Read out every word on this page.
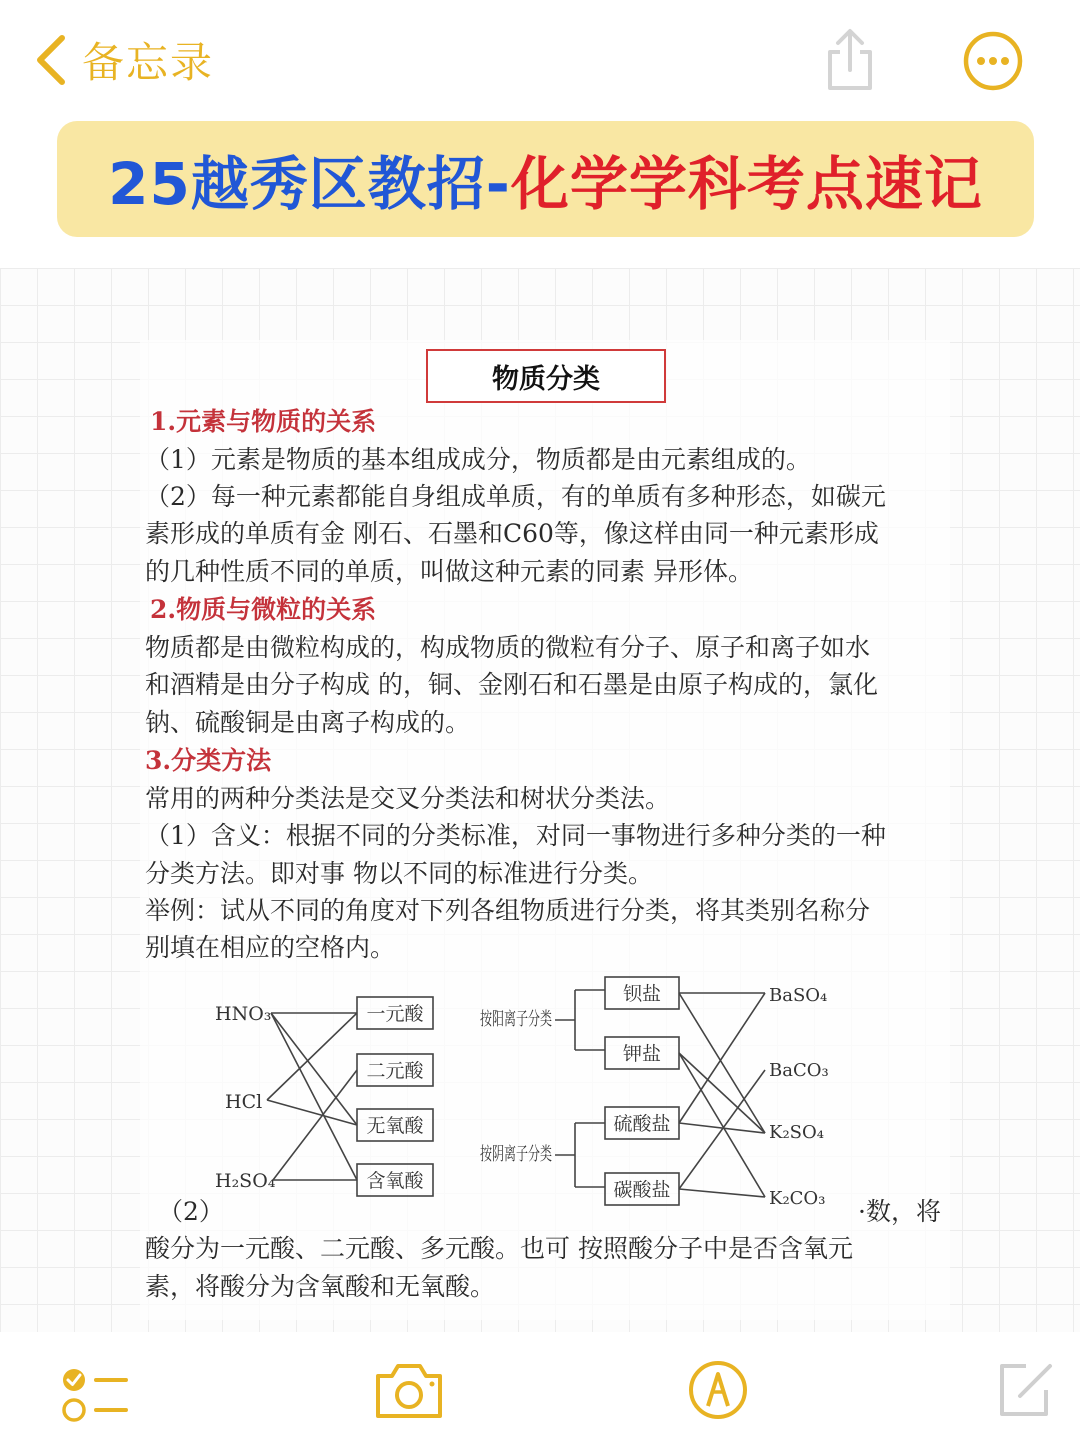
备忘录
25越秀区教招-化学学科考点速记
物质分类
1.元素与物质的关系
（1）元素是物质的基本组成成分，物质都是由元素组成的。
（2）每一种元素都能自身组成单质，有的单质有多种形态，如碳元
素形成的单质有金 刚石、石墨和C60等，像这样由同一种元素形成
的几种性质不同的单质，叫做这种元素的同素 异形体。
2.物质与微粒的关系
物质都是由微粒构成的，构成物质的微粒有分子、原子和离子如水
和酒精是由分子构成 的，铜、金刚石和石墨是由原子构成的，氯化
钠、硫酸铜是由离子构成的。
3.分类方法
常用的两种分类法是交叉分类法和树状分类法。
（1）含义：根据不同的分类标准，对同一事物进行多种分类的一种
分类方法。即对事 物以不同的标准进行分类。
举例：试从不同的角度对下列各组物质进行分类，将其类别名称分
别填在相应的空格内。
HNO₃
HCl
H₂SO₄
一元酸
二元酸
无氧酸
含氧酸
按阳离子分类
按阴离子分类
钡盐
钾盐
硫酸盐
碳酸盐
BaSO₄
BaCO₃
K₂SO₄
K₂CO₃
（2）	·数，将
酸分为一元酸、二元酸、多元酸。也可 按照酸分子中是否含氧元
素，将酸分为含氧酸和无氧酸。
